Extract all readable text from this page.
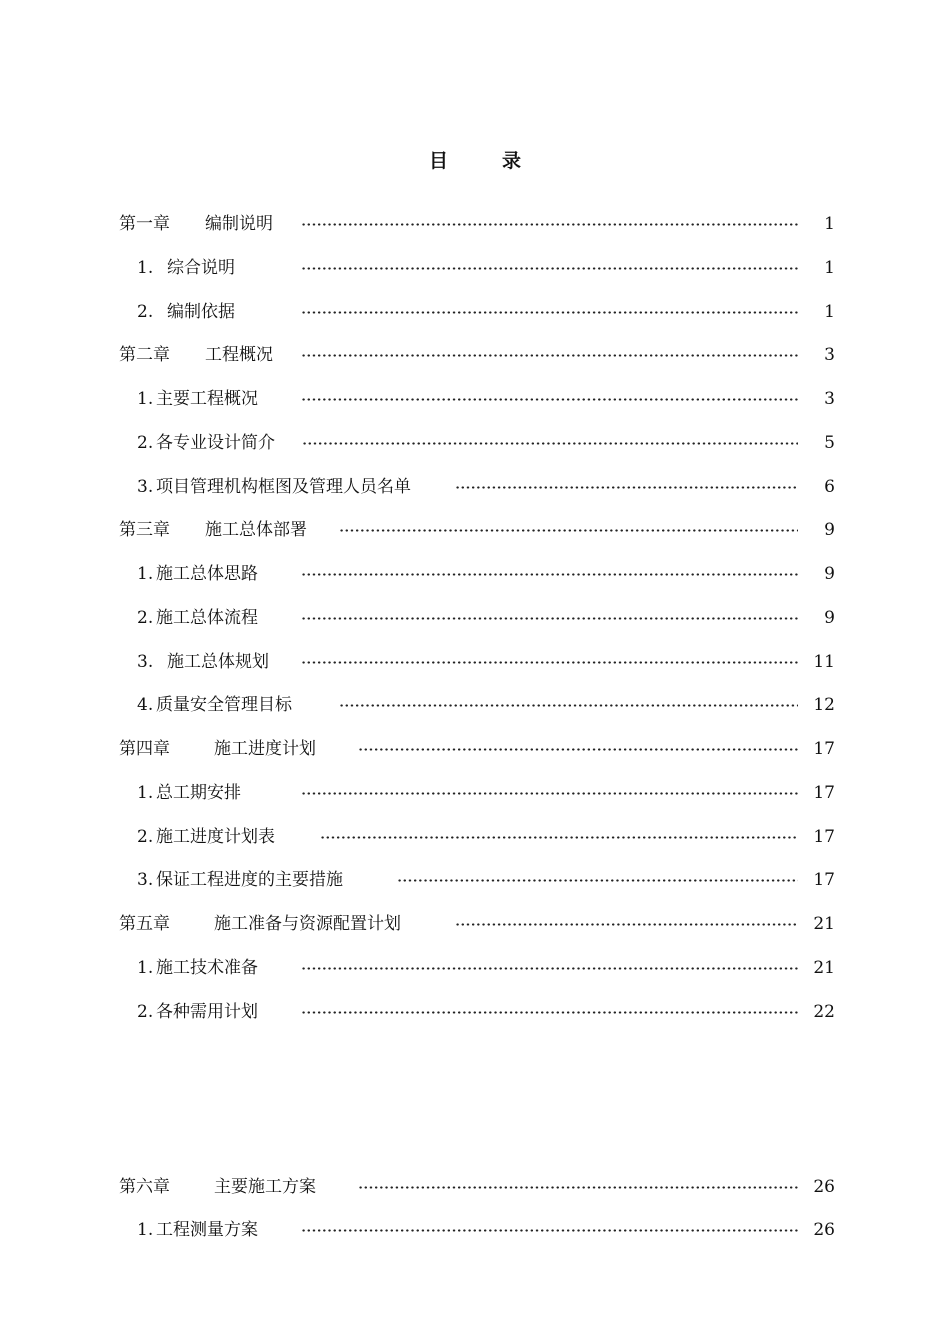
目	录
第一章 编制说明	1
1. 综合说明	1
2. 编制依据	1
第二章 工程概况	3
1. 主要工程概况	3
2. 各专业设计简介	5
3. 项目管理机构框图及管理人员名单	6
第三章 施工总体部署	9
1. 施工总体思路	9
2. 施工总体流程	9
3. 施工总体规划	11
4. 质量安全管理目标	12
第四章	施工进度计划	17
1. 总工期安排	17
2. 施工进度计划表	17
3. 保证工程进度的主要措施	17
第五章	施工准备与资源配置计划	21
1. 施工技术准备	21
2. 各种需用计划	22
第六章	主要施工方案	26
1. 工程测量方案	26
